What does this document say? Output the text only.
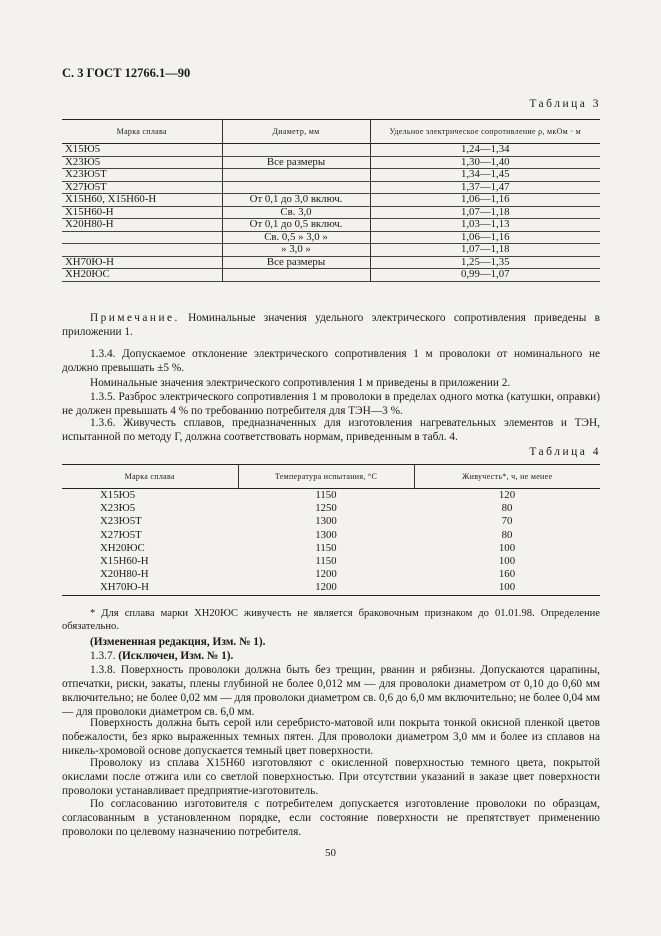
С. 3 ГОСТ 12766.1—90
Таблица 3
Марка сплава	Диаметр, мм	Удельное электрическое сопротивление ρ, мкОм · м
Х15Ю5		1,24—1,34
Х23Ю5	Все размеры	1,30—1,40
Х23Ю5Т		1,34—1,45
Х27Ю5Т		1,37—1,47
Х15Н60, Х15Н60-Н	От 0,1 до 3,0 включ.	1,06—1,16
Х15Н60-Н	Св. 3,0	1,07—1,18
Х20Н80-Н	От 0,1 до 0,5 включ.	1,03—1,13
	Св. 0,5 » 3,0 »	1,06—1,16
	» 3,0 »	1,07—1,18
ХН70Ю-Н	Все размеры	1,25—1,35
ХН20ЮС		0,99—1,07
Примечание. Номинальные значения удельного электрического сопротивления приведены в приложении 1.
1.3.4. Допускаемое отклонение электрического сопротивления 1 м проволоки от номинального не должно превышать ±5 %.
Номинальные значения электрического сопротивления 1 м приведены в приложении 2.
1.3.5. Разброс электрического сопротивления 1 м проволоки в пределах одного мотка (катушки, оправки) не должен превышать 4 % по требованию потребителя для ТЭН—3 %.
1.3.6. Живучесть сплавов, предназначенных для изготовления нагревательных элементов и ТЭН, испытанной по методу Г, должна соответствовать нормам, приведенным в табл. 4.
Таблица 4
Марка сплава	Температура испытания, °С	Живучесть*, ч, не менее
Х15Ю5	1150	120
Х23Ю5	1250	80
Х23Ю5Т	1300	70
Х27Ю5Т	1300	80
ХН20ЮС	1150	100
Х15Н60-Н	1150	100
Х20Н80-Н	1200	160
ХН70Ю-Н	1200	100
* Для сплава марки ХН20ЮС живучесть не является браковочным признаком до 01.01.98. Определение обязательно.
(Измененная редакция, Изм. № 1).
1.3.7. (Исключен, Изм. № 1).
1.3.8. Поверхность проволоки должна быть без трещин, рванин и рябизны. Допускаются царапины, отпечатки, риски, закаты, плены глубиной не более 0,012 мм — для проволоки диаметром от 0,10 до 0,60 мм включительно; не более 0,02 мм — для проволоки диаметром св. 0,6 до 6,0 мм включительно; не более 0,04 мм — для проволоки диаметром св. 6,0 мм.
Поверхность должна быть серой или серебристо-матовой или покрыта тонкой окисной пленкой цветов побежалости, без ярко выраженных темных пятен. Для проволоки диаметром 3,0 мм и более из сплавов на никель-хромовой основе допускается темный цвет поверхности.
Проволоку из сплава Х15Н60 изготовляют с окисленной поверхностью темного цвета, покрытой окислами после отжига или со светлой поверхностью. При отсутствии указаний в заказе цвет поверхности проволоки устанавливает предприятие-изготовитель.
По согласованию изготовителя с потребителем допускается изготовление проволоки по образцам, согласованным в установленном порядке, если состояние поверхности не препятствует применению проволоки по целевому назначению потребителя.
50
